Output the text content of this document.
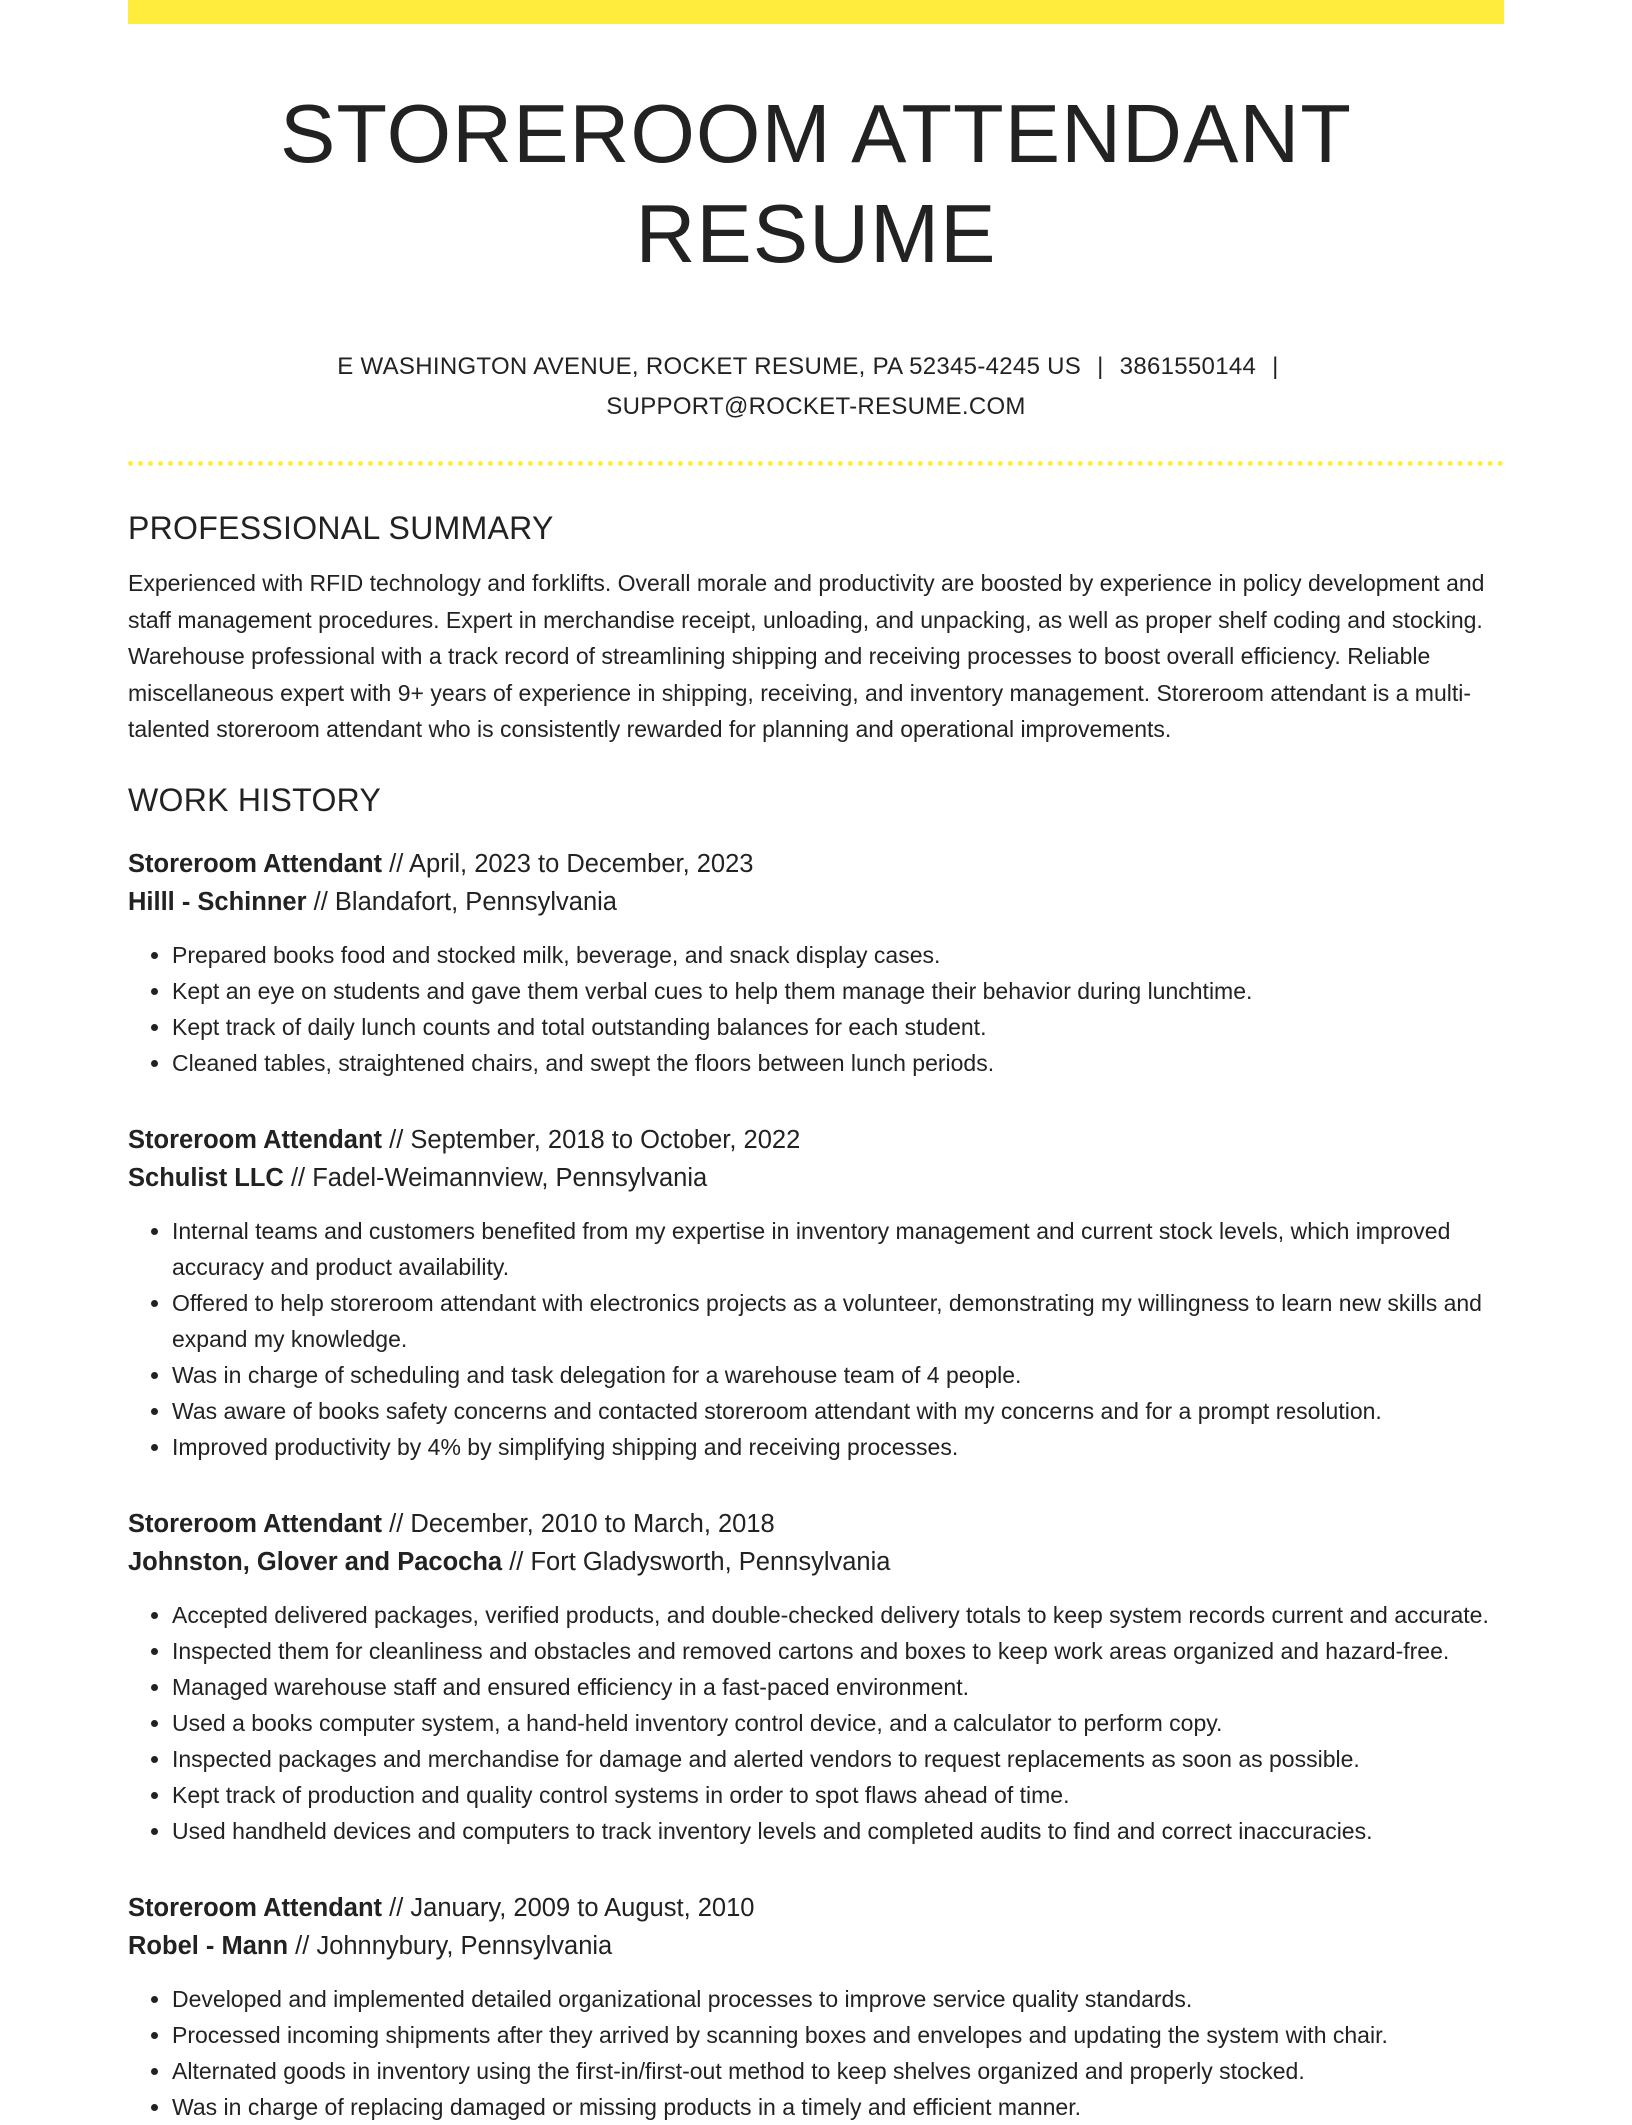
STOREROOM ATTENDANT RESUME
E WASHINGTON AVENUE, ROCKET RESUME, PA 52345-4245 US | 3861550144 |
SUPPORT@ROCKET-RESUME.COM
PROFESSIONAL SUMMARY
Experienced with RFID technology and forklifts. Overall morale and productivity are boosted by experience in policy development and staff management procedures. Expert in merchandise receipt, unloading, and unpacking, as well as proper shelf coding and stocking. Warehouse professional with a track record of streamlining shipping and receiving processes to boost overall efficiency. Reliable miscellaneous expert with 9+ years of experience in shipping, receiving, and inventory management. Storeroom attendant is a multi-talented storeroom attendant who is consistently rewarded for planning and operational improvements.
WORK HISTORY
Storeroom Attendant // April, 2023 to December, 2023
Hilll - Schinner // Blandafort, Pennsylvania
• Prepared books food and stocked milk, beverage, and snack display cases.
• Kept an eye on students and gave them verbal cues to help them manage their behavior during lunchtime.
• Kept track of daily lunch counts and total outstanding balances for each student.
• Cleaned tables, straightened chairs, and swept the floors between lunch periods.
Storeroom Attendant // September, 2018 to October, 2022
Schulist LLC // Fadel-Weimannview, Pennsylvania
• Internal teams and customers benefited from my expertise in inventory management and current stock levels, which improved accuracy and product availability.
• Offered to help storeroom attendant with electronics projects as a volunteer, demonstrating my willingness to learn new skills and expand my knowledge.
• Was in charge of scheduling and task delegation for a warehouse team of 4 people.
• Was aware of books safety concerns and contacted storeroom attendant with my concerns and for a prompt resolution.
• Improved productivity by 4% by simplifying shipping and receiving processes.
Storeroom Attendant // December, 2010 to March, 2018
Johnston, Glover and Pacocha // Fort Gladysworth, Pennsylvania
• Accepted delivered packages, verified products, and double-checked delivery totals to keep system records current and accurate.
• Inspected them for cleanliness and obstacles and removed cartons and boxes to keep work areas organized and hazard-free.
• Managed warehouse staff and ensured efficiency in a fast-paced environment.
• Used a books computer system, a hand-held inventory control device, and a calculator to perform copy.
• Inspected packages and merchandise for damage and alerted vendors to request replacements as soon as possible.
• Kept track of production and quality control systems in order to spot flaws ahead of time.
• Used handheld devices and computers to track inventory levels and completed audits to find and correct inaccuracies.
Storeroom Attendant // January, 2009 to August, 2010
Robel - Mann // Johnnybury, Pennsylvania
• Developed and implemented detailed organizational processes to improve service quality standards.
• Processed incoming shipments after they arrived by scanning boxes and envelopes and updating the system with chair.
• Alternated goods in inventory using the first-in/first-out method to keep shelves organized and properly stocked.
• Was in charge of replacing damaged or missing products in a timely and efficient manner.
